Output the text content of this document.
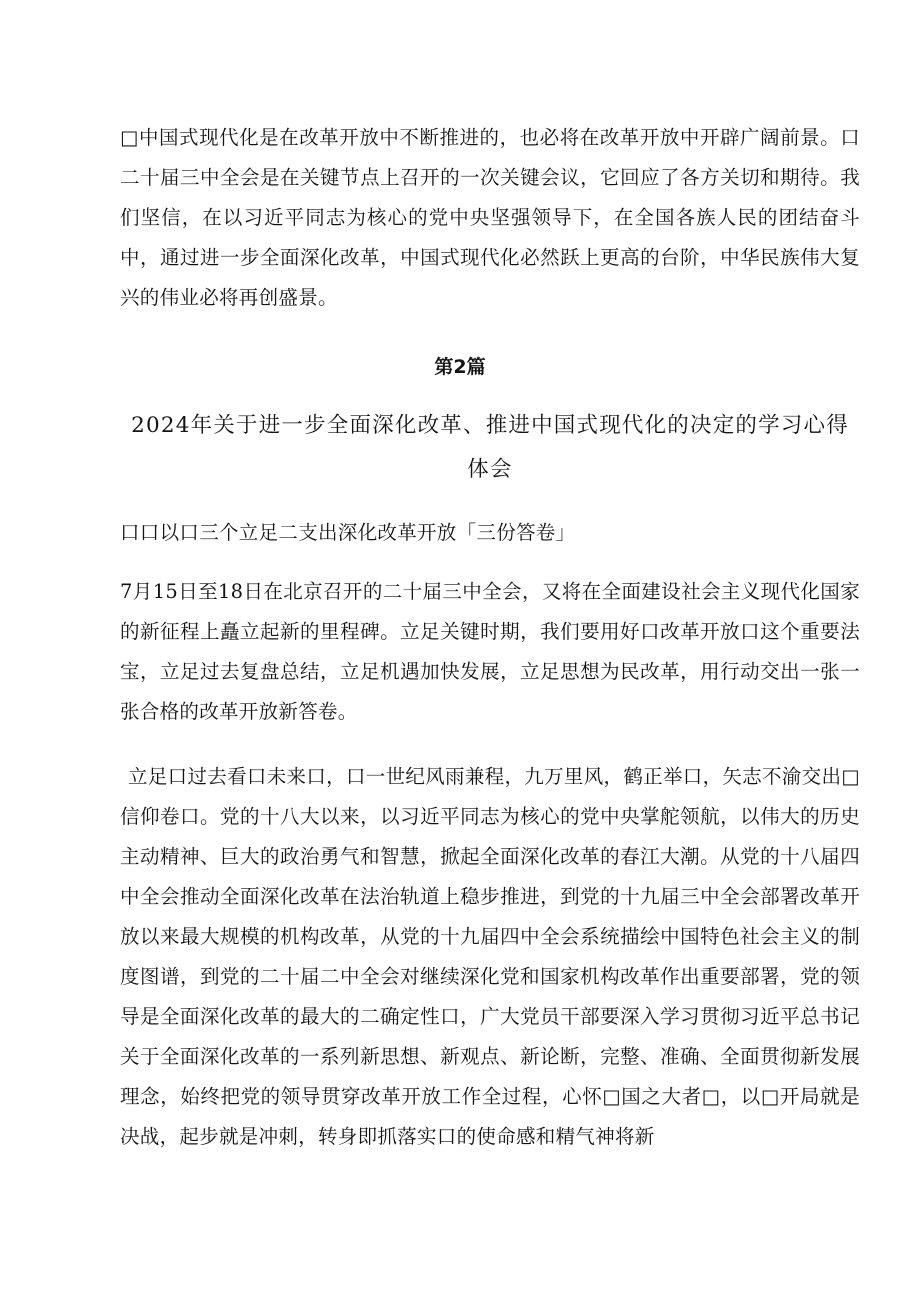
□中国式现代化是在改革开放中不断推进的，也必将在改革开放中开辟广阔前景。口二十届三中全会是在关键节点上召开的一次关键会议，它回应了各方关切和期待。我们坚信，在以习近平同志为核心的党中央坚强领导下，在全国各族人民的团结奋斗中，通过进一步全面深化改革，中国式现代化必然跃上更高的台阶，中华民族伟大复兴的伟业必将再创盛景。

第2篇
2024年关于进一步全面深化改革、推进中国式现代化的决定的学习心得体会

口口以口三个立足二支出深化改革开放「三份答卷」

7月15日至18日在北京召开的二十届三中全会，又将在全面建设社会主义现代化国家的新征程上矗立起新的里程碑。立足关键时期，我们要用好口改革开放口这个重要法宝，立足过去复盘总结，立足机遇加快发展，立足思想为民改革，用行动交出一张一张合格的改革开放新答卷。

立足口过去看口未来口，口一世纪风雨兼程，九万里风，鹤正举口，矢志不渝交出□信仰卷口。党的十八大以来，以习近平同志为核心的党中央掌舵领航，以伟大的历史主动精神、巨大的政治勇气和智慧，掀起全面深化改革的春江大潮。从党的十八届四中全会推动全面深化改革在法治轨道上稳步推进，到党的十九届三中全会部署改革开放以来最大规模的机构改革，从党的十九届四中全会系统描绘中国特色社会主义的制度图谱，到党的二十届二中全会对继续深化党和国家机构改革作出重要部署，党的领导是全面深化改革的最大的二确定性口，广大党员干部要深入学习贯彻习近平总书记关于全面深化改革的一系列新思想、新观点、新论断，完整、准确、全面贯彻新发展理念，始终把党的领导贯穿改革开放工作全过程，心怀□国之大者□，以□开局就是决战，起步就是冲刺，转身即抓落实口的使命感和精气神将新
